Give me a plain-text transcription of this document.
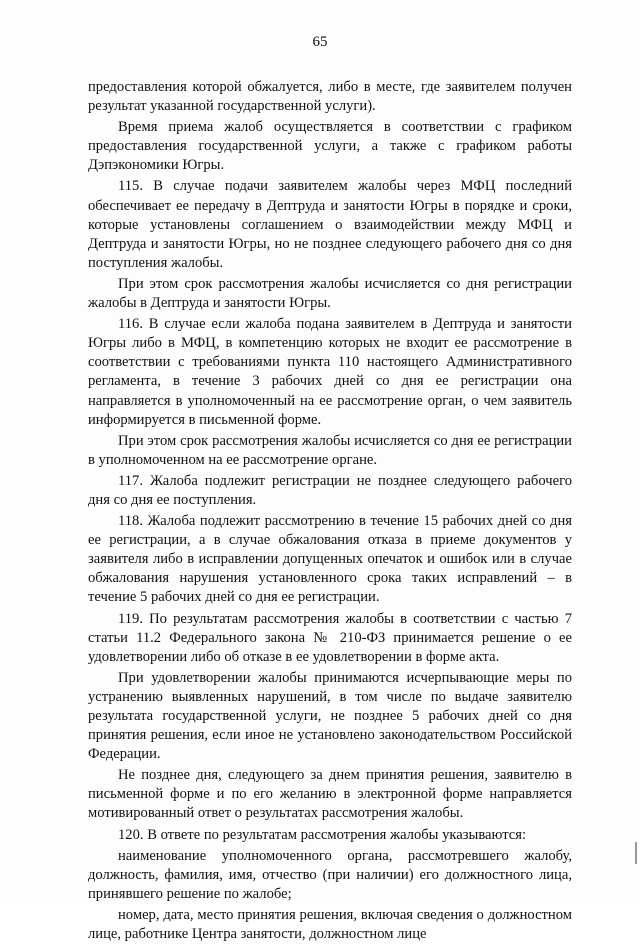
65

предоставления которой обжалуется, либо в месте, где заявителем получен результат указанной государственной услуги).

Время приема жалоб осуществляется в соответствии с графиком предоставления государственной услуги, а также с графиком работы Дэпэкономики Югры.

115. В случае подачи заявителем жалобы через МФЦ последний обеспечивает ее передачу в Дептруда и занятости Югры в порядке и сроки, которые установлены соглашением о взаимодействии между МФЦ и Дептруда и занятости Югры, но не позднее следующего рабочего дня со дня поступления жалобы.

При этом срок рассмотрения жалобы исчисляется со дня регистрации жалобы в Дептруда и занятости Югры.

116. В случае если жалоба подана заявителем в Дептруда и занятости Югры либо в МФЦ, в компетенцию которых не входит ее рассмотрение в соответствии с требованиями пункта 110 настоящего Административного регламента, в течение 3 рабочих дней со дня ее регистрации она направляется в уполномоченный на ее рассмотрение орган, о чем заявитель информируется в письменной форме.

При этом срок рассмотрения жалобы исчисляется со дня ее регистрации в уполномоченном на ее рассмотрение органе.

117. Жалоба подлежит регистрации не позднее следующего рабочего дня со дня ее поступления.

118. Жалоба подлежит рассмотрению в течение 15 рабочих дней со дня ее регистрации, а в случае обжалования отказа в приеме документов у заявителя либо в исправлении допущенных опечаток и ошибок или в случае обжалования нарушения установленного срока таких исправлений – в течение 5 рабочих дней со дня ее регистрации.

119. По результатам рассмотрения жалобы в соответствии с частью 7 статьи 11.2 Федерального закона № 210-ФЗ принимается решение о ее удовлетворении либо об отказе в ее удовлетворении в форме акта.

При удовлетворении жалобы принимаются исчерпывающие меры по устранению выявленных нарушений, в том числе по выдаче заявителю результата государственной услуги, не позднее 5 рабочих дней со дня принятия решения, если иное не установлено законодательством Российской Федерации.

Не позднее дня, следующего за днем принятия решения, заявителю в письменной форме и по его желанию в электронной форме направляется мотивированный ответ о результатах рассмотрения жалобы.

120. В ответе по результатам рассмотрения жалобы указываются:

наименование уполномоченного органа, рассмотревшего жалобу, должность, фамилия, имя, отчество (при наличии) его должностного лица, принявшего решение по жалобе;

номер, дата, место принятия решения, включая сведения о должностном лице, работнике Центра занятости, должностном лице
